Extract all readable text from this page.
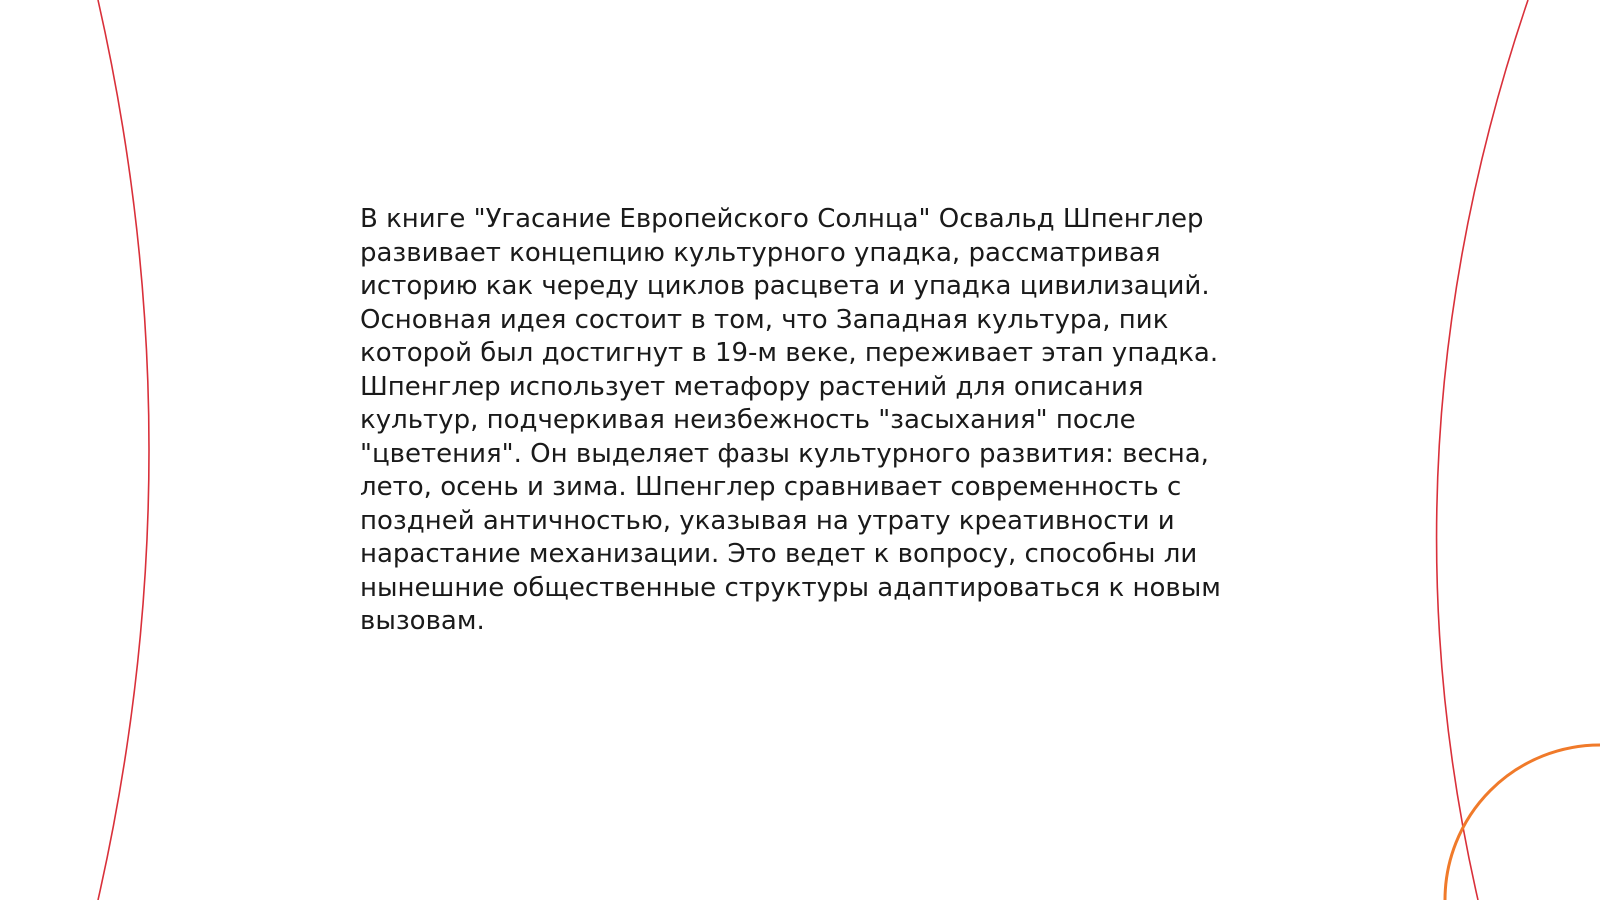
В книге "Угасание Европейского Солнца" Освальд Шпенглер
развивает концепцию культурного упадка, рассматривая
историю как череду циклов расцвета и упадка цивилизаций.
Основная идея состоит в том, что Западная культура, пик
которой был достигнут в 19-м веке, переживает этап упадка.
Шпенглер использует метафору растений для описания
культур, подчеркивая неизбежность "засыхания" после
"цветения". Он выделяет фазы культурного развития: весна,
лето, осень и зима. Шпенглер сравнивает современность с
поздней античностью, указывая на утрату креативности и
нарастание механизации. Это ведет к вопросу, способны ли
нынешние общественные структуры адаптироваться к новым
вызовам.
